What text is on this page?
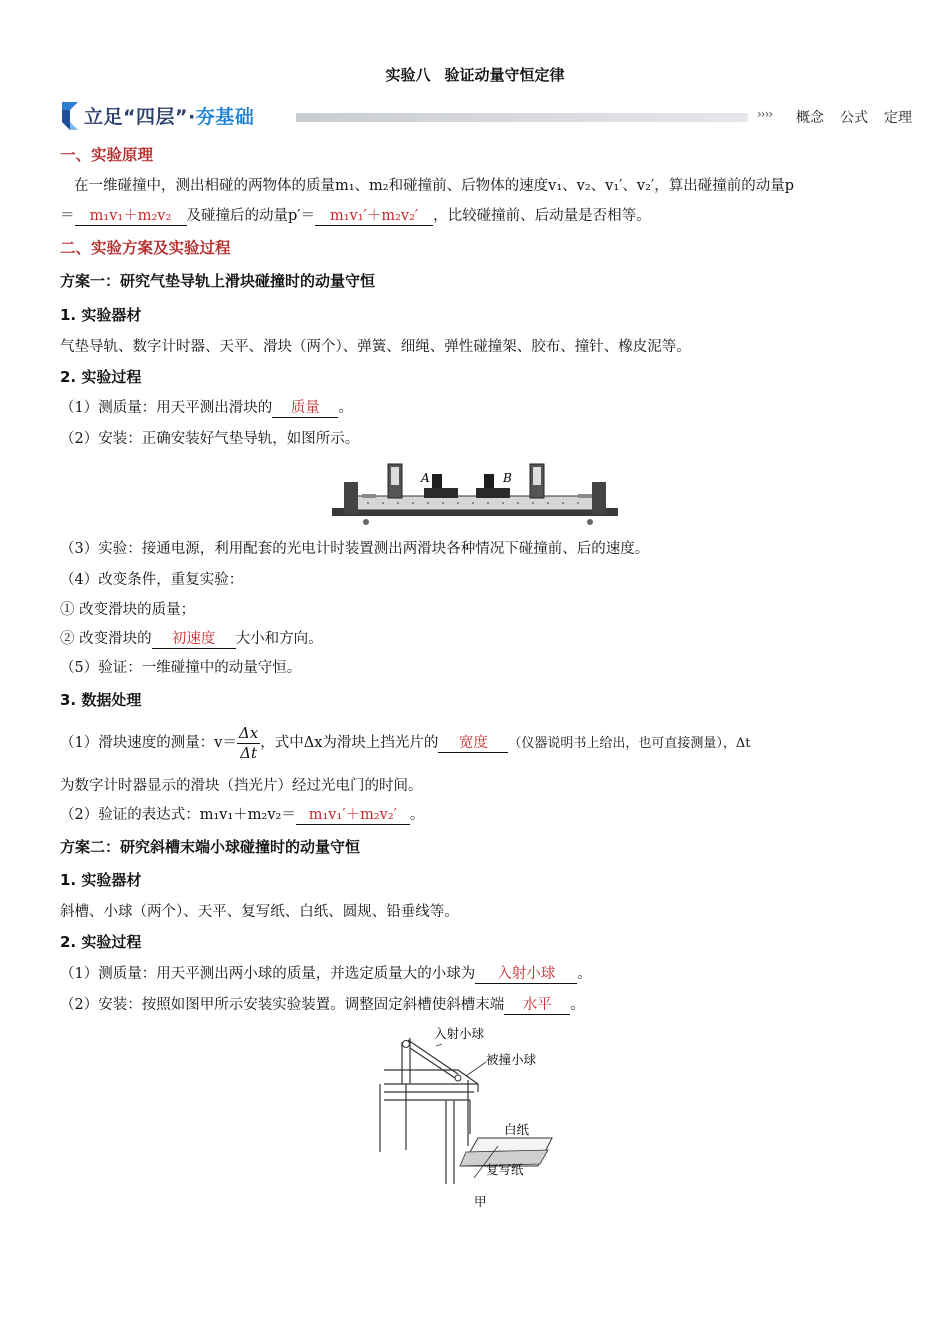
实验八 验证动量守恒定律
立足“四层”·夯基础	›››› 概念 公式 定理
一、实验原理
在一维碰撞中，测出相碰的两物体的质量m₁、m₂和碰撞前、后物体的速度v₁、v₂、v₁′、v₂′，算出碰撞前的动量p
＝ m₁v₁＋m₂v₂ 及碰撞后的动量p′＝ m₁v₁′＋m₂v₂′ ，比较碰撞前、后动量是否相等。
二、实验方案及实验过程
方案一：研究气垫导轨上滑块碰撞时的动量守恒
1. 实验器材
气垫导轨、数字计时器、天平、滑块（两个）、弹簧、细绳、弹性碰撞架、胶布、撞针、橡皮泥等。
2. 实验过程
（1）测质量：用天平测出滑块的 质量 。
（2）安装：正确安装好气垫导轨，如图所示。
A	B
（3）实验：接通电源，利用配套的光电计时装置测出两滑块各种情况下碰撞前、后的速度。
（4）改变条件，重复实验：
① 改变滑块的质量；
② 改变滑块的 初速度 大小和方向。
（5）验证：一维碰撞中的动量守恒。
3. 数据处理
（1）滑块速度的测量：$v= \frac{\Delta x}{\Delta t}$ ，式中Δx为滑块上挡光片的 宽度 （仪器说明书上给出，也可直接测量），Δt
为数字计时器显示的滑块（挡光片）经过光电门的时间。
（2）验证的表达式：m₁v₁＋m₂v₂＝ m₁v₁′＋m₂v₂′ 。
方案二：研究斜槽末端小球碰撞时的动量守恒
1. 实验器材
斜槽、小球（两个）、天平、复写纸、白纸、圆规、铅垂线等。
2. 实验过程
（1）测质量：用天平测出两小球的质量，并选定质量大的小球为 入射小球 。
（2）安装：按照如图甲所示安装实验装置。调整固定斜槽使斜槽末端 水平 。
入射小球
被撞小球
白纸
复写纸
甲
